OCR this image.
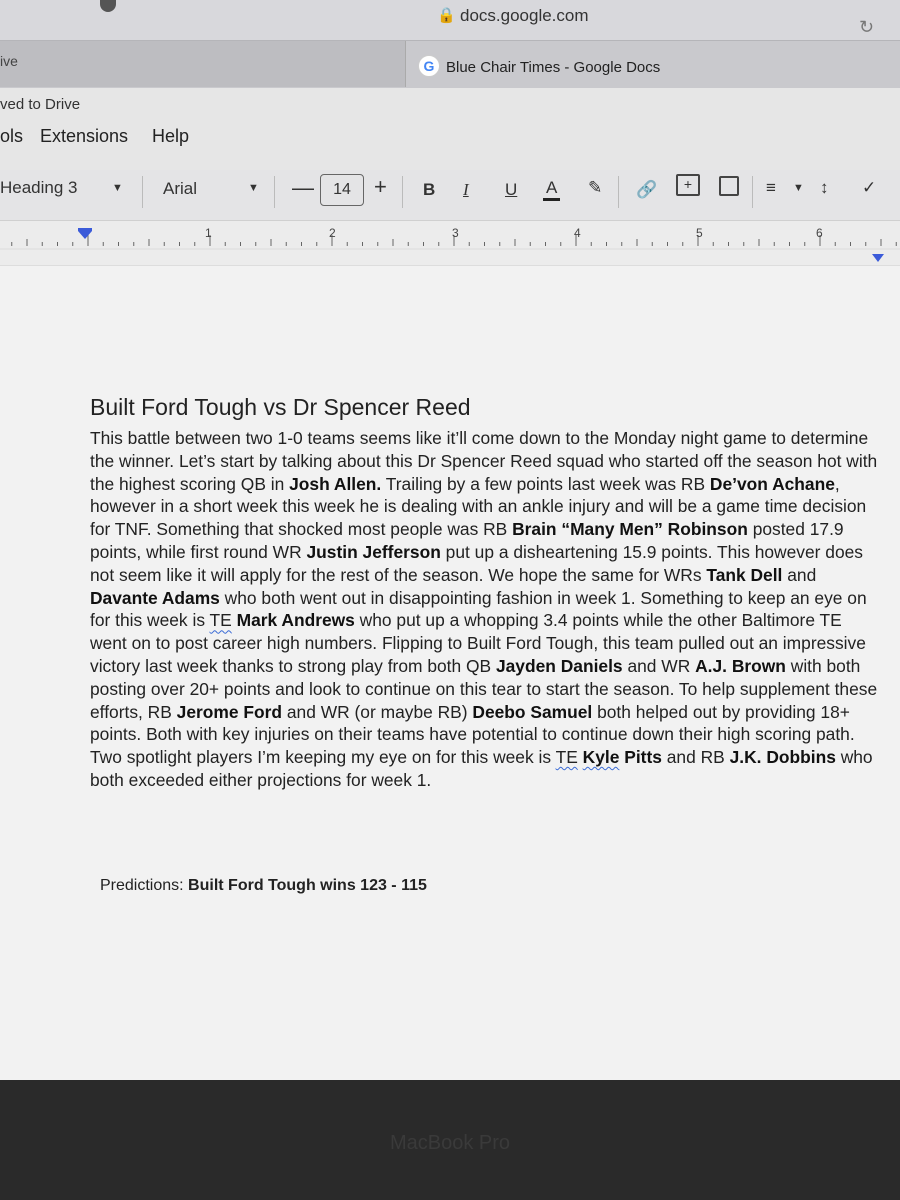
🔒 docs.google.com
↻
ive	G Blue Chair Times - Google Docs
ved to Drive
ols Extensions Help
Heading 3	▼ Arial	▼ —	14	+ B I U A ✎ 🔗	+	≡ ▼ ↕ ✓
1	2	3	4	5	6
Built Ford Tough vs Dr Spencer Reed
This battle between two 1-0 teams seems like it’ll come down to the Monday night game to determine the winner. Let’s start by talking about this Dr Spencer Reed squad who started off the season hot with the highest scoring QB in Josh Allen. Trailing by a few points last week was RB De’von Achane, however in a short week this week he is dealing with an ankle injury and will be a game time decision for TNF. Something that shocked most people was RB Brain “Many Men” Robinson posted 17.9 points, while first round WR Justin Jefferson put up a disheartening 15.9 points. This however does not seem like it will apply for the rest of the season. We hope the same for WRs Tank Dell and Davante Adams who both went out in disappointing fashion in week 1. Something to keep an eye on for this week is TE Mark Andrews who put up a whopping 3.4 points while the other Baltimore TE went on to post career high numbers. Flipping to Built Ford Tough, this team pulled out an impressive victory last week thanks to strong play from both QB Jayden Daniels and WR A.J. Brown with both posting over 20+ points and look to continue on this tear to start the season. To help supplement these efforts, RB Jerome Ford and WR (or maybe RB) Deebo Samuel both helped out by providing 18+ points. Both with key injuries on their teams have potential to continue down their high scoring path. Two spotlight players I’m keeping my eye on for this week is TE Kyle Pitts and RB J.K. Dobbins who both exceeded either projections for week 1.
Predictions: Built Ford Tough wins 123 - 115
MacBook Pro
